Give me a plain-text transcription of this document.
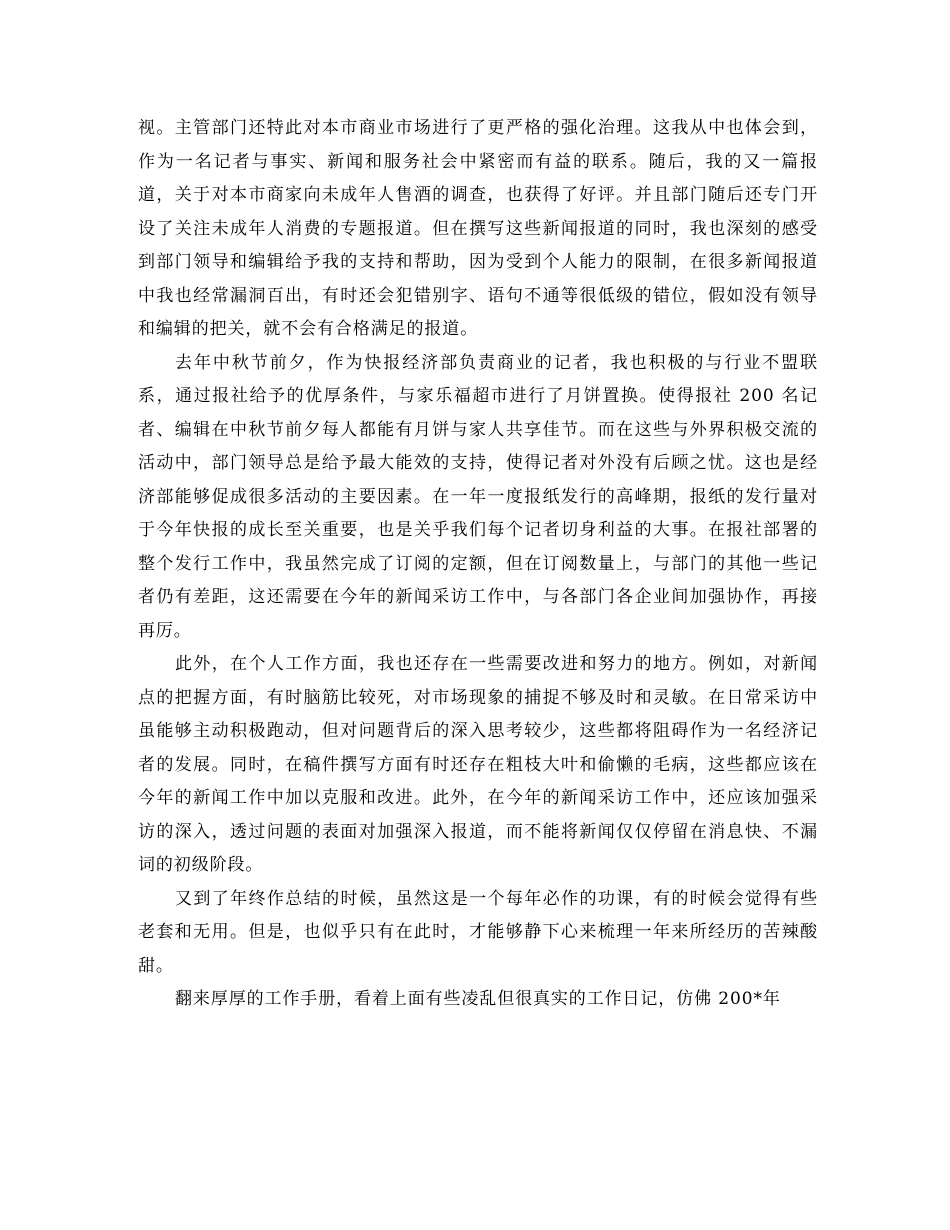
视。主管部门还特此对本市商业市场进行了更严格的强化治理。这我从中也体会到，作为一名记者与事实、新闻和服务社会中紧密而有益的联系。随后，我的又一篇报道，关于对本市商家向未成年人售酒的调查，也获得了好评。并且部门随后还专门开设了关注未成年人消费的专题报道。但在撰写这些新闻报道的同时，我也深刻的感受到部门领导和编辑给予我的支持和帮助，因为受到个人能力的限制，在很多新闻报道中我也经常漏洞百出，有时还会犯错别字、语句不通等很低级的错位，假如没有领导和编辑的把关，就不会有合格满足的报道。

去年中秋节前夕，作为快报经济部负责商业的记者，我也积极的与行业不盟联系，通过报社给予的优厚条件，与家乐福超市进行了月饼置换。使得报社 200 名记者、编辑在中秋节前夕每人都能有月饼与家人共享佳节。而在这些与外界积极交流的活动中，部门领导总是给予最大能效的支持，使得记者对外没有后顾之忧。这也是经济部能够促成很多活动的主要因素。在一年一度报纸发行的高峰期，报纸的发行量对于今年快报的成长至关重要，也是关乎我们每个记者切身利益的大事。在报社部署的整个发行工作中，我虽然完成了订阅的定额，但在订阅数量上，与部门的其他一些记者仍有差距，这还需要在今年的新闻采访工作中，与各部门各企业间加强协作，再接再厉。

此外，在个人工作方面，我也还存在一些需要改进和努力的地方。例如，对新闻点的把握方面，有时脑筋比较死，对市场现象的捕捉不够及时和灵敏。在日常采访中虽能够主动积极跑动，但对问题背后的深入思考较少，这些都将阻碍作为一名经济记者的发展。同时，在稿件撰写方面有时还存在粗枝大叶和偷懒的毛病，这些都应该在今年的新闻工作中加以克服和改进。此外，在今年的新闻采访工作中，还应该加强采访的深入，透过问题的表面对加强深入报道，而不能将新闻仅仅停留在消息快、不漏词的初级阶段。

又到了年终作总结的时候，虽然这是一个每年必作的功课，有的时候会觉得有些老套和无用。但是，也似乎只有在此时，才能够静下心来梳理一年来所经历的苦辣酸甜。

翻来厚厚的工作手册，看着上面有些凌乱但很真实的工作日记，仿佛 200*年
